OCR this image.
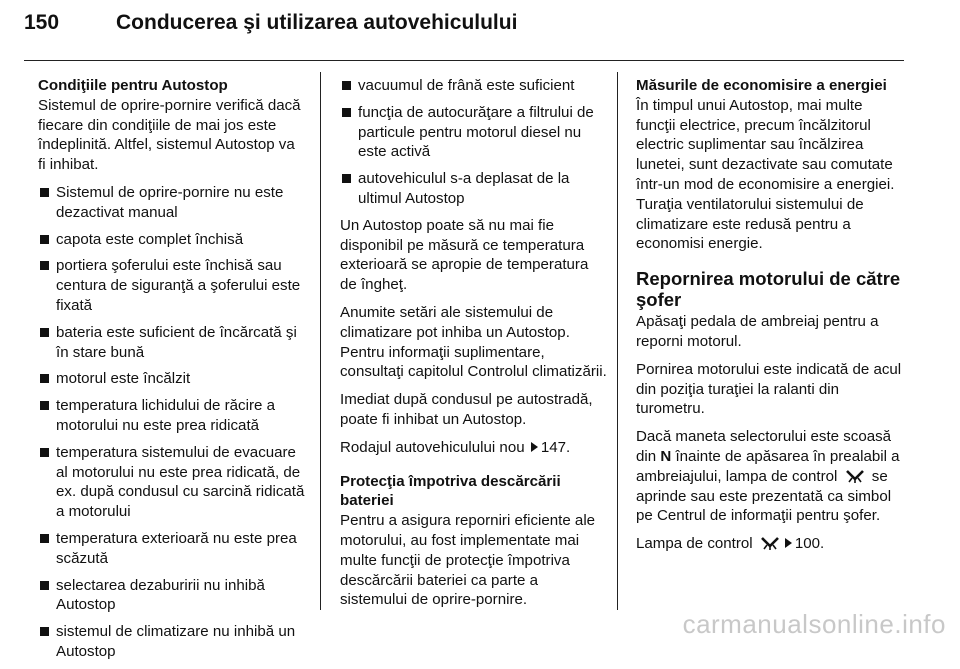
150	Conducerea şi utilizarea autovehiculului
Condiţiile pentru Autostop

Sistemul de oprire-pornire verifică dacă fiecare din condiţiile de mai jos este îndeplinită. Altfel, sistemul Autostop va fi inhibat.

Sistemul de oprire-pornire nu este dezactivat manual
capota este complet închisă
portiera şoferului este închisă sau centura de siguranţă a şoferului este fixată
bateria este suficient de încărcată şi în stare bună
motorul este încălzit
temperatura lichidului de răcire a motorului nu este prea ridicată
temperatura sistemului de evacuare al motorului nu este prea ridicată, de ex. după condusul cu sarcină ridicată a motorului
temperatura exterioară nu este prea scăzută
selectarea dezaburirii nu inhibă Autostop
sistemul de climatizare nu inhibă un Autostop
vacuumul de frână este suficient
funcţia de autocurăţare a filtrului de particule pentru motorul diesel nu este activă
autovehiculul s-a deplasat de la ultimul Autostop

Un Autostop poate să nu mai fie disponibil pe măsură ce temperatura exterioară se apropie de temperatura de îngheţ.

Anumite setări ale sistemului de climatizare pot inhiba un Autostop. Pentru informaţii suplimentare, consultaţi capitolul Controlul climatizării.

Imediat după condusul pe autostradă, poate fi inhibat un Autostop.

Rodajul autovehiculului nou 147.

Protecţia împotriva descărcării bateriei

Pentru a asigura reporniri eficiente ale motorului, au fost implementate mai multe funcţii de protecţie împotriva descărcării bateriei ca parte a sistemului de oprire-pornire.

Măsurile de economisire a energiei

În timpul unui Autostop, mai multe funcţii electrice, precum încălzitorul electric suplimentar sau încălzirea lunetei, sunt dezactivate sau comutate într-un mod de economisire a energiei. Turaţia ventilatorului sistemului de climatizare este redusă pentru a economisi energie.

Repornirea motorului de către şofer

Apăsaţi pedala de ambreiaj pentru a reporni motorul.

Pornirea motorului este indicată de acul din poziţia turaţiei la ralanti din turometru.

Dacă maneta selectorului este scoasă din N înainte de apăsarea în prealabil a ambreiajului, lampa de control se aprinde sau este prezentată ca simbol pe Centrul de informaţii pentru şofer.

Lampa de control	100.

carmanualsonline.info
